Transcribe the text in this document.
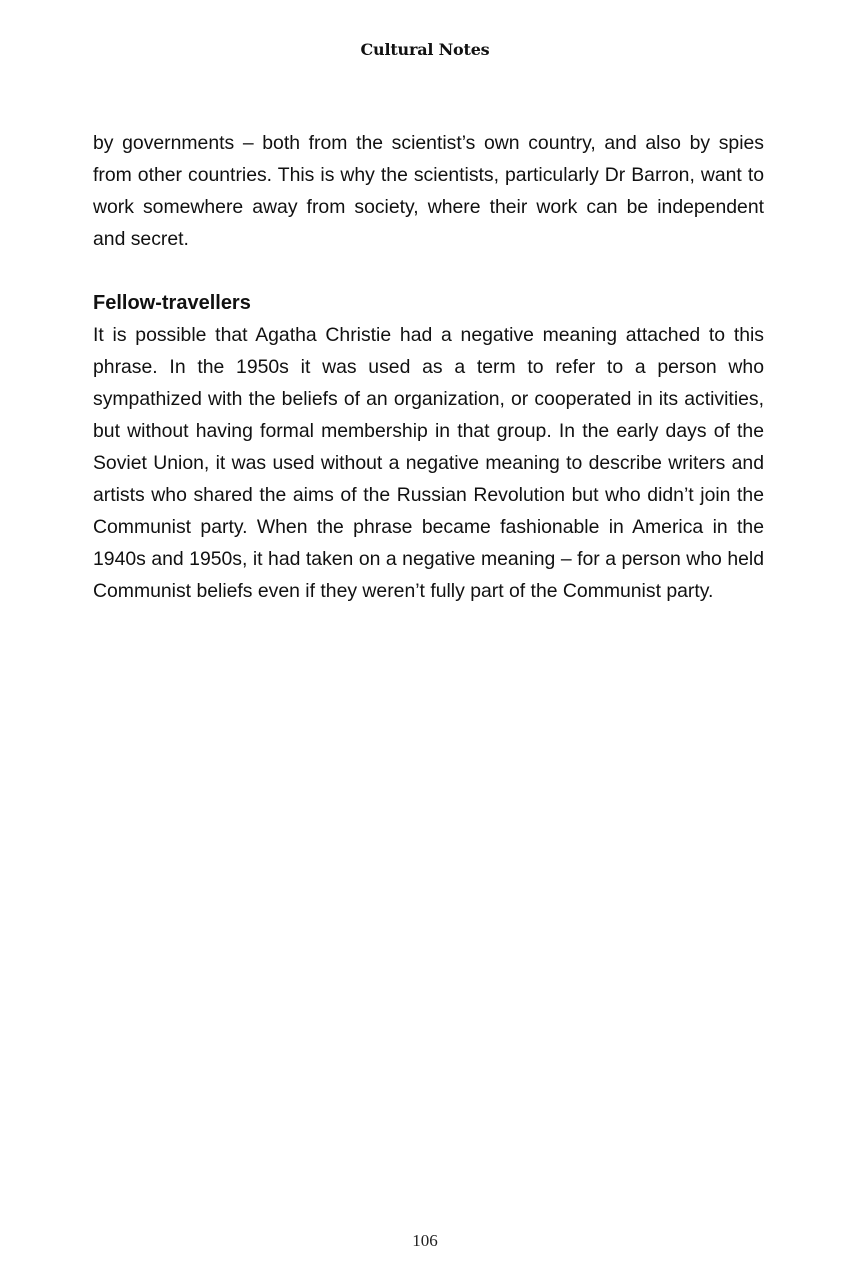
Cultural Notes

by governments – both from the scientist’s own country, and also by spies from other countries. This is why the scientists, particularly Dr Barron, want to work somewhere away from society, where their work can be independent and secret.

Fellow-travellers

It is possible that Agatha Christie had a negative meaning attached to this phrase. In the 1950s it was used as a term to refer to a person who sympathized with the beliefs of an organization, or cooperated in its activities, but without having formal membership in that group. In the early days of the Soviet Union, it was used without a negative meaning to describe writers and artists who shared the aims of the Russian Revolution but who didn’t join the Communist party. When the phrase became fashionable in America in the 1940s and 1950s, it had taken on a negative meaning – for a person who held Communist beliefs even if they weren’t fully part of the Communist party.

106
